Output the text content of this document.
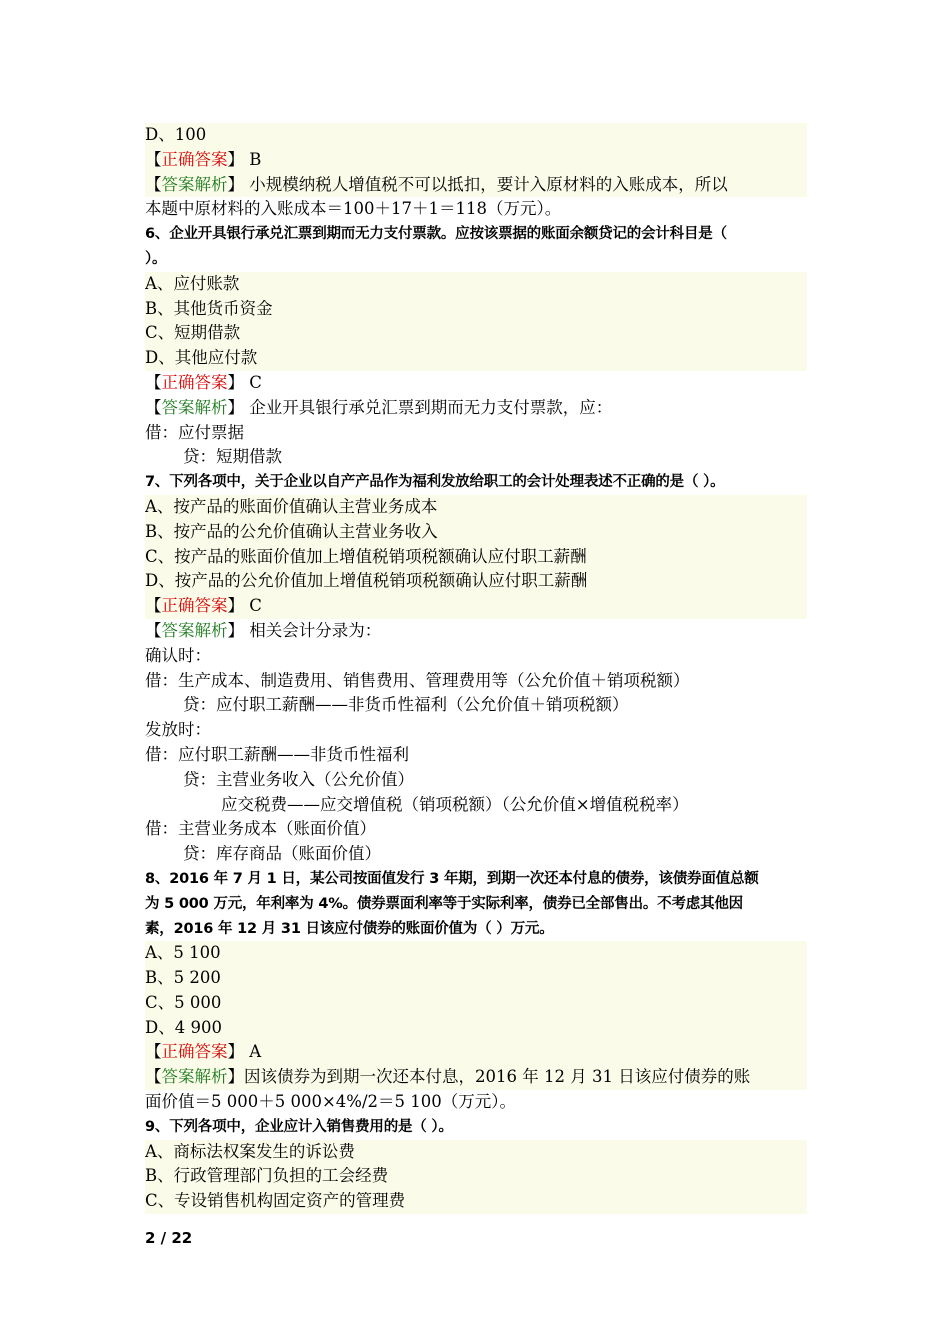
D、100
【正确答案】 B
【答案解析】 小规模纳税人增值税不可以抵扣，要计入原材料的入账成本，所以
本题中原材料的入账成本＝100＋17＋1＝118（万元）。
6、企业开具银行承兑汇票到期而无力支付票款。应按该票据的账面余额贷记的会计科目是（
）。
A、应付账款
B、其他货币资金
C、短期借款
D、其他应付款
【正确答案】 C
【答案解析】 企业开具银行承兑汇票到期而无力支付票款，应：
借：应付票据
贷：短期借款
7、下列各项中，关于企业以自产产品作为福利发放给职工的会计处理表述不正确的是（ ）。
A、按产品的账面价值确认主营业务成本
B、按产品的公允价值确认主营业务收入
C、按产品的账面价值加上增值税销项税额确认应付职工薪酬
D、按产品的公允价值加上增值税销项税额确认应付职工薪酬
【正确答案】 C
【答案解析】 相关会计分录为：
确认时：
借：生产成本、制造费用、销售费用、管理费用等（公允价值＋销项税额）
贷：应付职工薪酬——非货币性福利（公允价值＋销项税额）
发放时：
借：应付职工薪酬——非货币性福利
贷：主营业务收入（公允价值）
应交税费——应交增值税（销项税额）（公允价值×增值税税率）
借：主营业务成本（账面价值）
贷：库存商品（账面价值）
8、2016 年 7 月 1 日，某公司按面值发行 3 年期，到期一次还本付息的债券，该债券面值总额
为 5 000 万元，年利率为 4%。债券票面利率等于实际利率，债券已全部售出。不考虑其他因
素，2016 年 12 月 31 日该应付债券的账面价值为（ ）万元。
A、5 100
B、5 200
C、5 000
D、4 900
【正确答案】 A
【答案解析】因该债券为到期一次还本付息，2016 年 12 月 31 日该应付债券的账
面价值＝5 000＋5 000×4%/2＝5 100（万元）。
9、下列各项中，企业应计入销售费用的是（ ）。
A、商标法权案发生的诉讼费
B、行政管理部门负担的工会经费
C、专设销售机构固定资产的管理费
2 / 22
